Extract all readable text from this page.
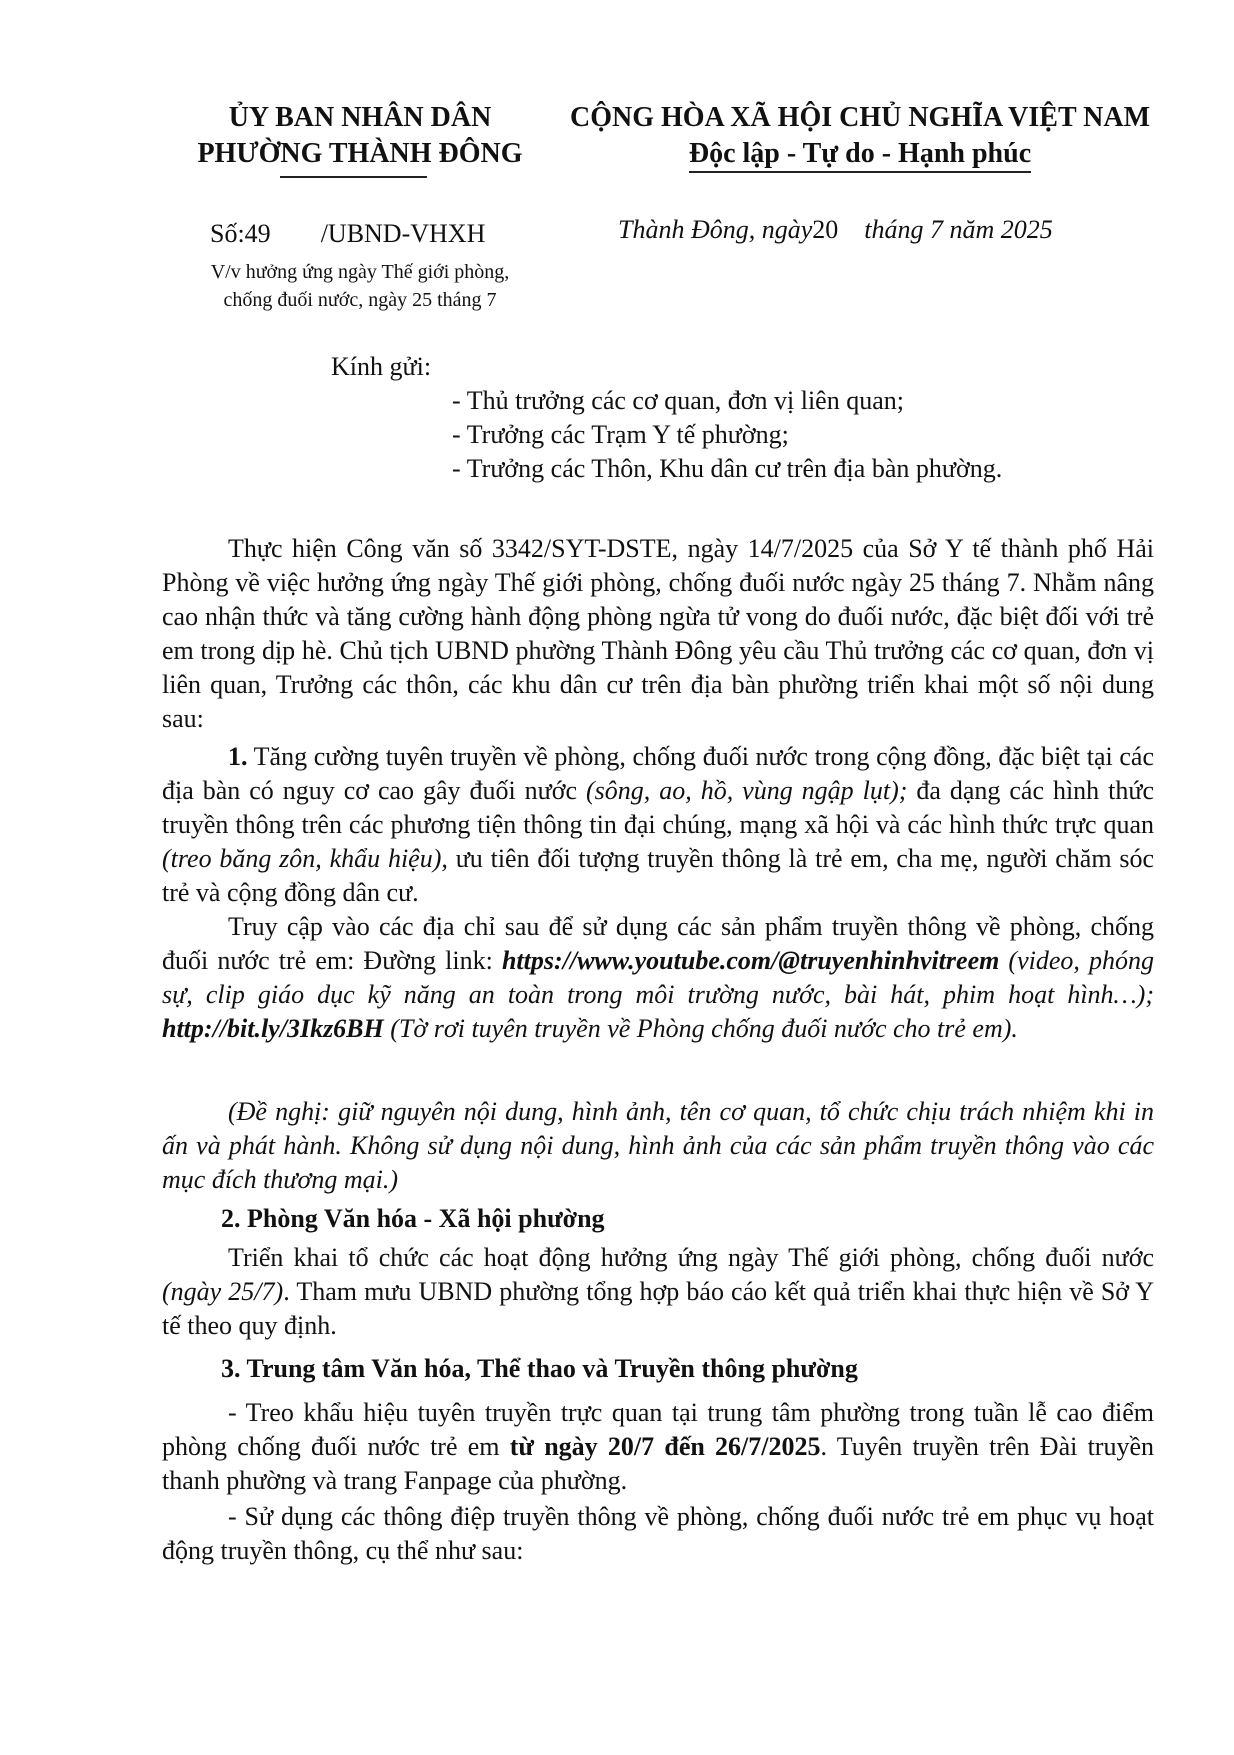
ỦY BAN NHÂN DÂN
PHƯỜNG THÀNH ĐÔNG
CỘNG HÒA XÃ HỘI CHỦ NGHĨA VIỆT NAM
Độc lập - Tự do - Hạnh phúc
Số:49 /UBND-VHXH
V/v hưởng ứng ngày Thế giới phòng,
chống đuối nước, ngày 25 tháng 7
Thành Đông, ngày20 tháng 7 năm 2025
Kính gửi:
- Thủ trưởng các cơ quan, đơn vị liên quan;
- Trưởng các Trạm Y tế phường;
- Trưởng các Thôn, Khu dân cư trên địa bàn phường.
Thực hiện Công văn số 3342/SYT-DSTE, ngày 14/7/2025 của Sở Y tế thành phố Hải Phòng về việc hưởng ứng ngày Thế giới phòng, chống đuối nước ngày 25 tháng 7. Nhằm nâng cao nhận thức và tăng cường hành động phòng ngừa tử vong do đuối nước, đặc biệt đối với trẻ em trong dịp hè. Chủ tịch UBND phường Thành Đông yêu cầu Thủ trưởng các cơ quan, đơn vị liên quan, Trưởng các thôn, các khu dân cư trên địa bàn phường triển khai một số nội dung sau:
1. Tăng cường tuyên truyền về phòng, chống đuối nước trong cộng đồng, đặc biệt tại các địa bàn có nguy cơ cao gây đuối nước (sông, ao, hồ, vùng ngập lụt); đa dạng các hình thức truyền thông trên các phương tiện thông tin đại chúng, mạng xã hội và các hình thức trực quan (treo băng zôn, khẩu hiệu), ưu tiên đối tượng truyền thông là trẻ em, cha mẹ, người chăm sóc trẻ và cộng đồng dân cư.
Truy cập vào các địa chỉ sau để sử dụng các sản phẩm truyền thông về phòng, chống đuối nước trẻ em: Đường link: https://www.youtube.com/@truyenhinhvitreem (video, phóng sự, clip giáo dục kỹ năng an toàn trong môi trường nước, bài hát, phim hoạt hình…); http://bit.ly/3Ikz6BH (Tờ rơi tuyên truyền về Phòng chống đuối nước cho trẻ em).
(Đề nghị: giữ nguyên nội dung, hình ảnh, tên cơ quan, tổ chức chịu trách nhiệm khi in ấn và phát hành. Không sử dụng nội dung, hình ảnh của các sản phẩm truyền thông vào các mục đích thương mại.)
2. Phòng Văn hóa - Xã hội phường
Triển khai tổ chức các hoạt động hưởng ứng ngày Thế giới phòng, chống đuối nước (ngày 25/7). Tham mưu UBND phường tổng hợp báo cáo kết quả triển khai thực hiện về Sở Y tế theo quy định.
3. Trung tâm Văn hóa, Thể thao và Truyền thông phường
- Treo khẩu hiệu tuyên truyền trực quan tại trung tâm phường trong tuần lễ cao điểm phòng chống đuối nước trẻ em từ ngày 20/7 đến 26/7/2025. Tuyên truyền trên Đài truyền thanh phường và trang Fanpage của phường.
- Sử dụng các thông điệp truyền thông về phòng, chống đuối nước trẻ em phục vụ hoạt động truyền thông, cụ thể như sau:
